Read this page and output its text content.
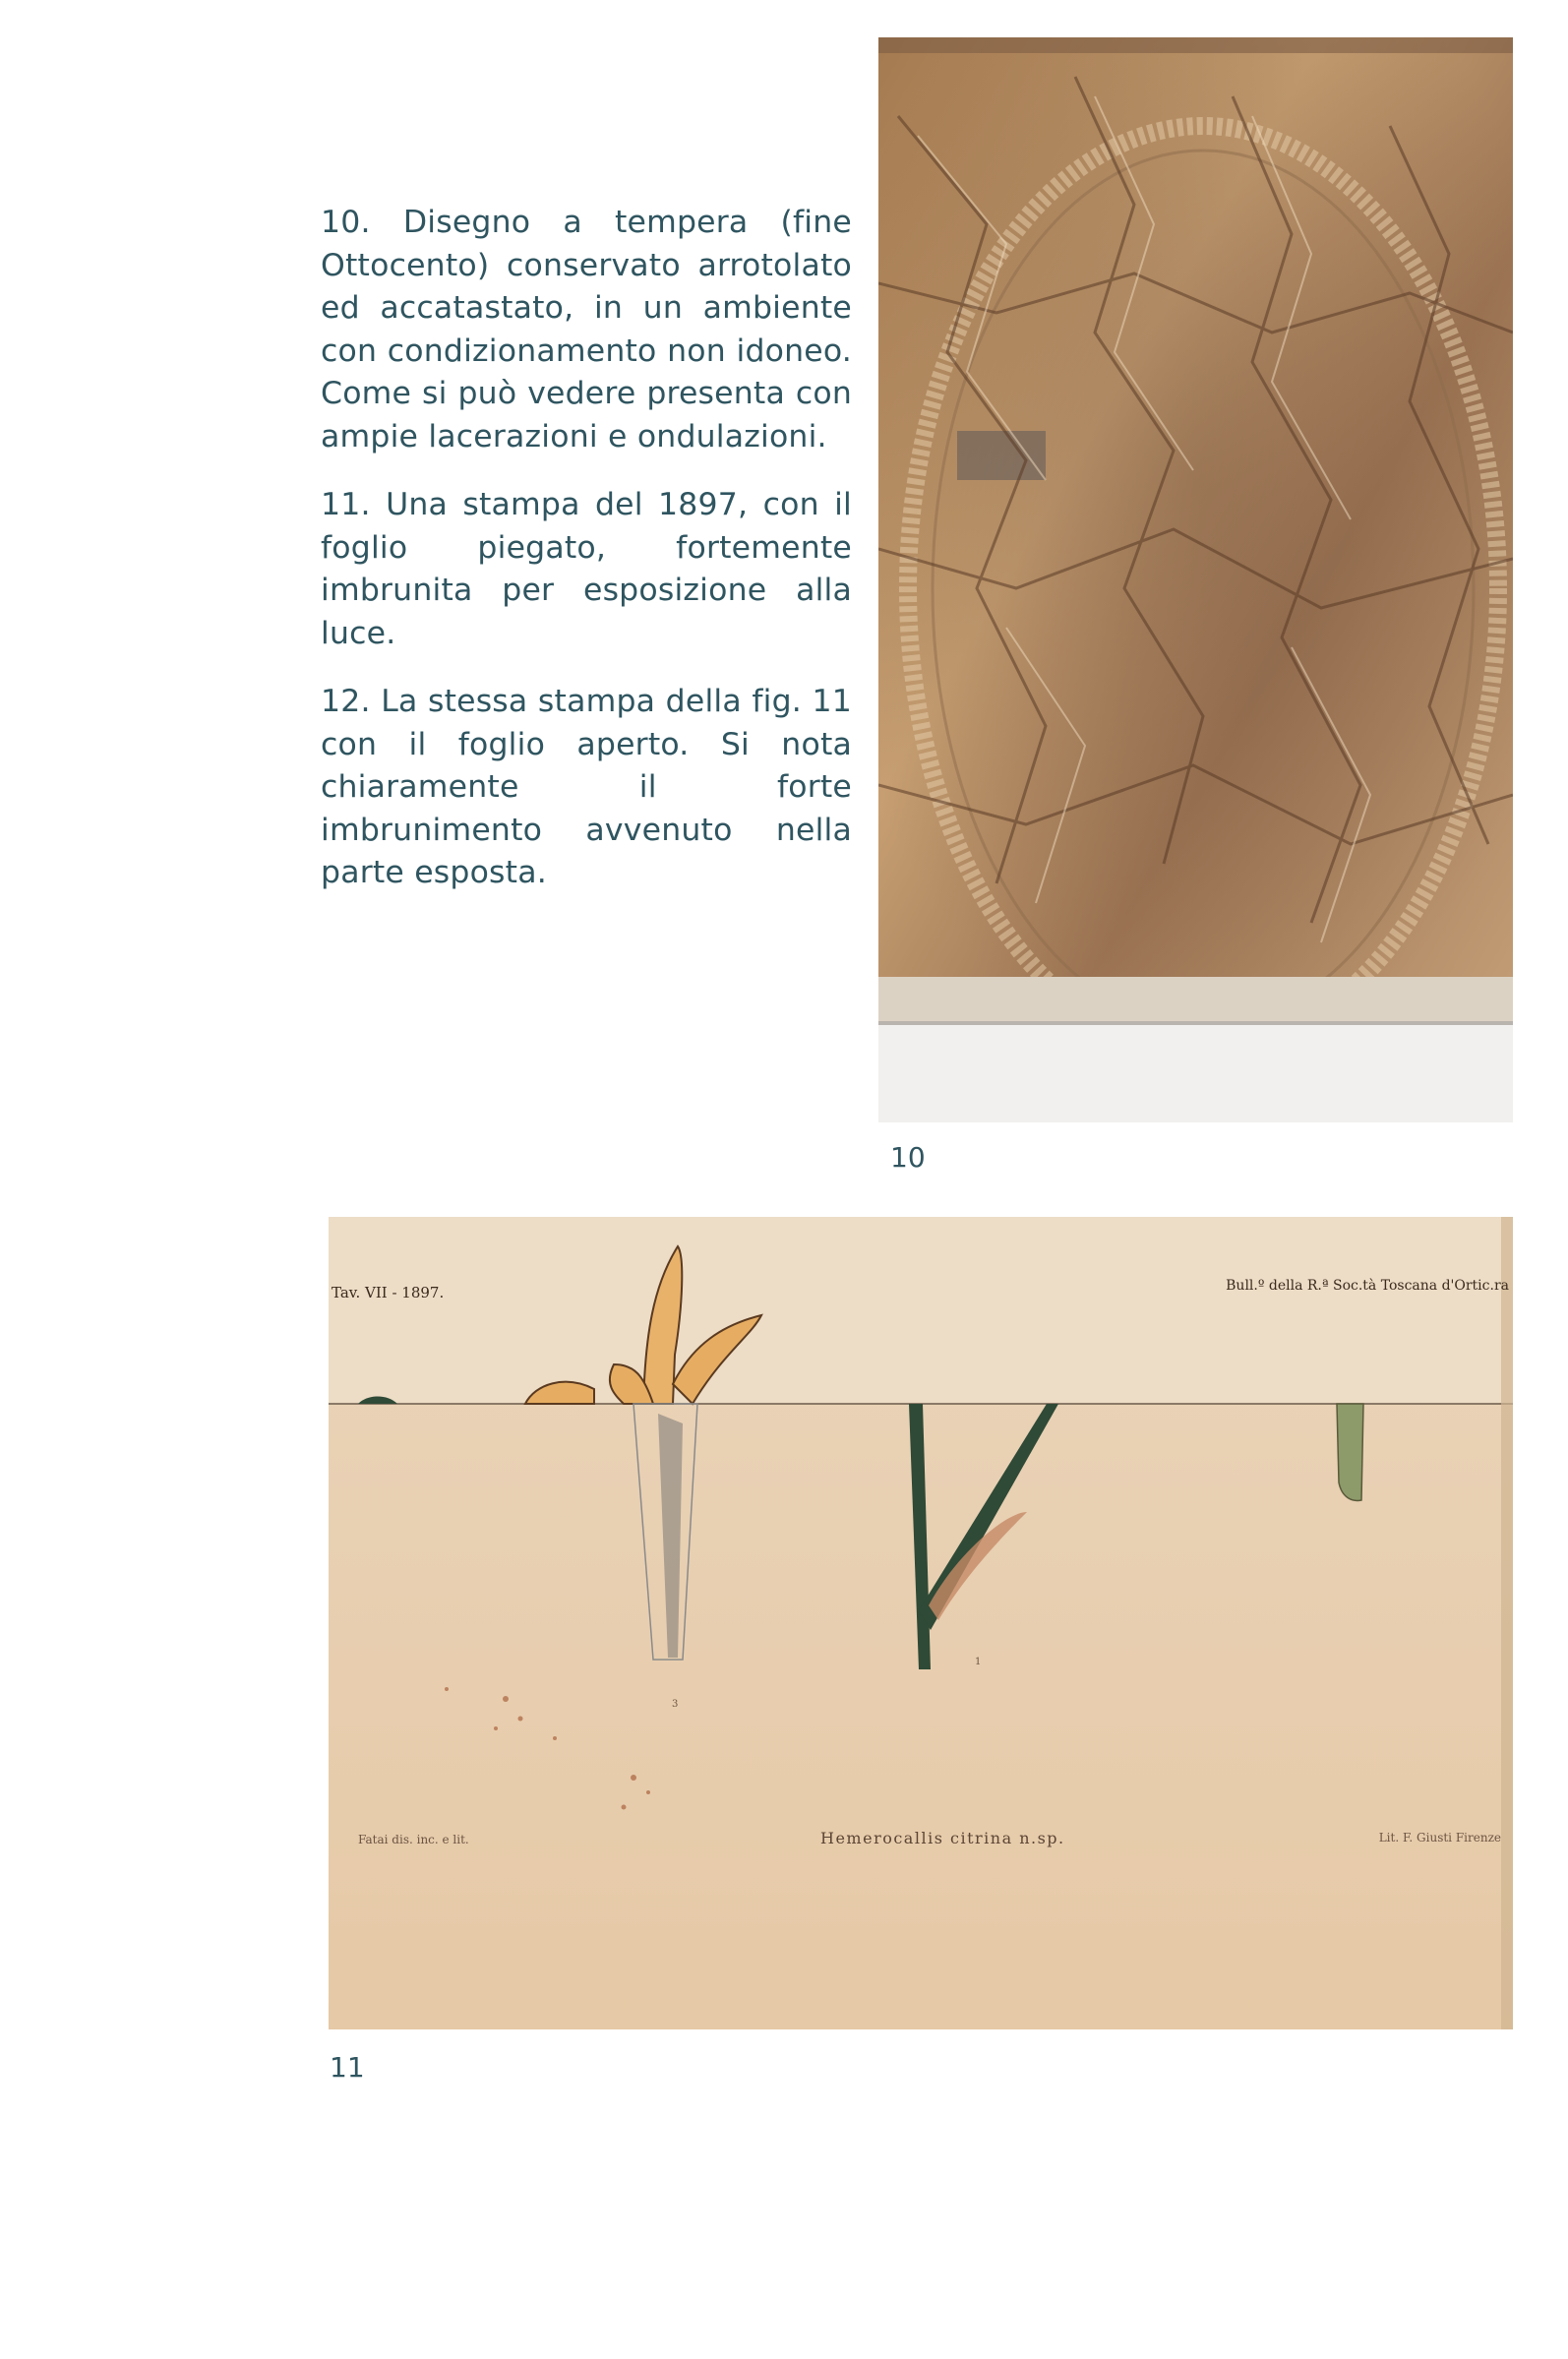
10. Disegno a tempera (fine Ottocento) conservato arrotolato ed accatastato, in un ambiente con condizionamento non idoneo. Come si può vedere presenta con ampie lacerazioni e ondulazioni.

11. Una stampa del 1897, con il foglio piegato, fortemente imbrunita per esposizione alla luce.

12. La stessa stampa della fig. 11 con il foglio aperto. Si nota chiaramente il forte imbrunimento avvenuto nella parte esposta.

10
Tav. VII - 1897.	Bull.º della R.ª Soc.tà Toscana d'Ortic.ra
1
3
Fatai dis. inc. e lit.	Hemerocallis citrina n.sp.	Lit. F. Giusti Firenze
11
